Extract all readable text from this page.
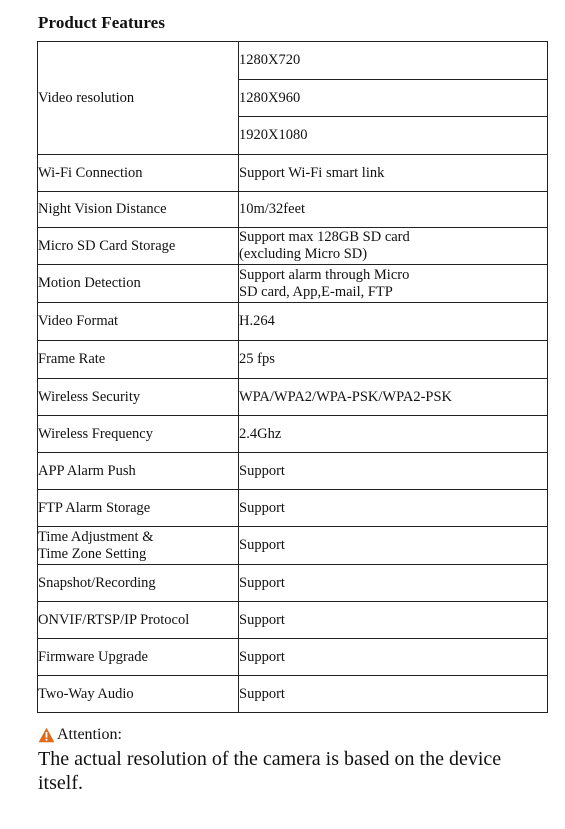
Product Features
Video resolution	1280X720
	1280X960
	1920X1080
Wi-Fi Connection	Support Wi-Fi smart link
Night Vision Distance	10m/32feet
Micro SD Card Storage	Support max 128GB SD card
(excluding Micro SD)

Motion Detection	Support alarm through Micro
SD card, App,E-mail, FTP

Video Format	H.264
Frame Rate	25 fps
Wireless Security	WPA/WPA2/WPA-PSK/WPA2-PSK
Wireless Frequency	2.4Ghz
APP Alarm Push	Support
FTP Alarm Storage	Support

Time Adjustment &
Time Zone Setting	Support
Snapshot/Recording	Support
ONVIF/RTSP/IP Protocol	Support
Firmware Upgrade	Support
Two-Way Audio	Support
Attention:
The actual resolution of the camera is based on the device itself.
